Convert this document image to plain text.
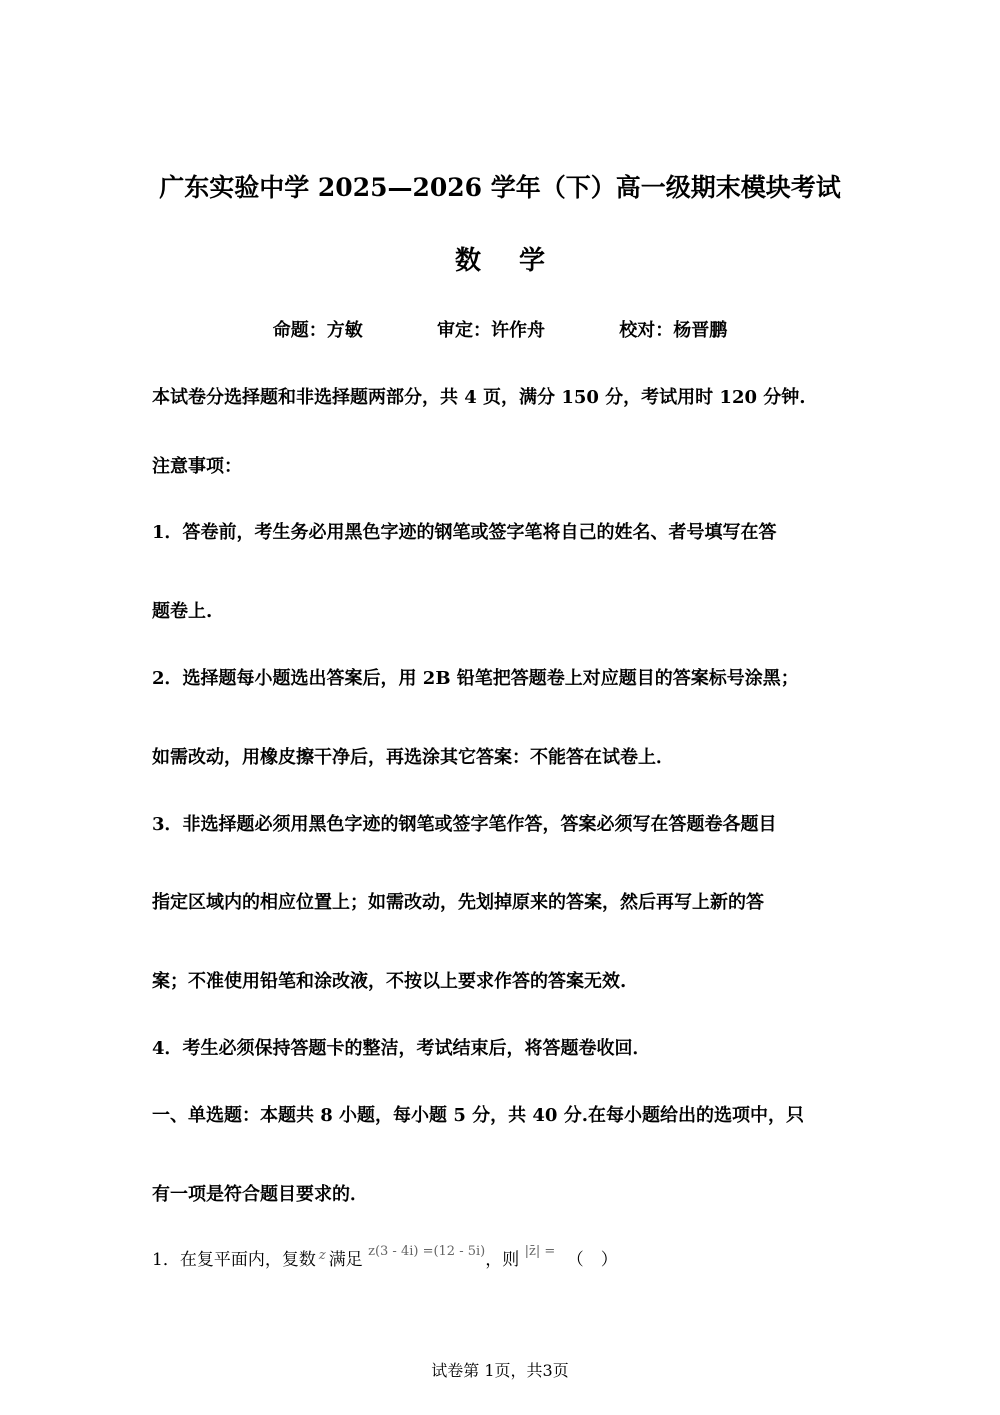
广东实验中学 2025—2026 学年（下）高一级期末模块考试
数学
命题：方敏	审定：许作舟	校对：杨晋鹏
本试卷分选择题和非选择题两部分，共 4 页，满分 150 分，考试用时 120 分钟.
注意事项：
1．答卷前，考生务必用黑色字迹的钢笔或签字笔将自己的姓名、者号填写在答
题卷上.
2．选择题每小题选出答案后，用 2B 铅笔把答题卷上对应题目的答案标号涂黑；
如需改动，用橡皮擦干净后，再选涂其它答案：不能答在试卷上．
3．非选择题必须用黑色字迹的钢笔或签字笔作答，答案必须写在答题卷各题目
指定区域内的相应位置上；如需改动，先划掉原来的答案，然后再写上新的答
案；不准使用铅笔和涂改液，不按以上要求作答的答案无效.
4．考生必须保持答题卡的整洁，考试结束后，将答题卷收回．
一、单选题：本题共 8 小题，每小题 5 分，共 40 分.在每小题给出的选项中，只
有一项是符合题目要求的．
1．在复平面内，复数 $^z$ 满足 $^{z(3 - 4i) =(12 - 5i)}$，则 $^{|z̄| =}$ （　）
试卷第 1页，共3页
